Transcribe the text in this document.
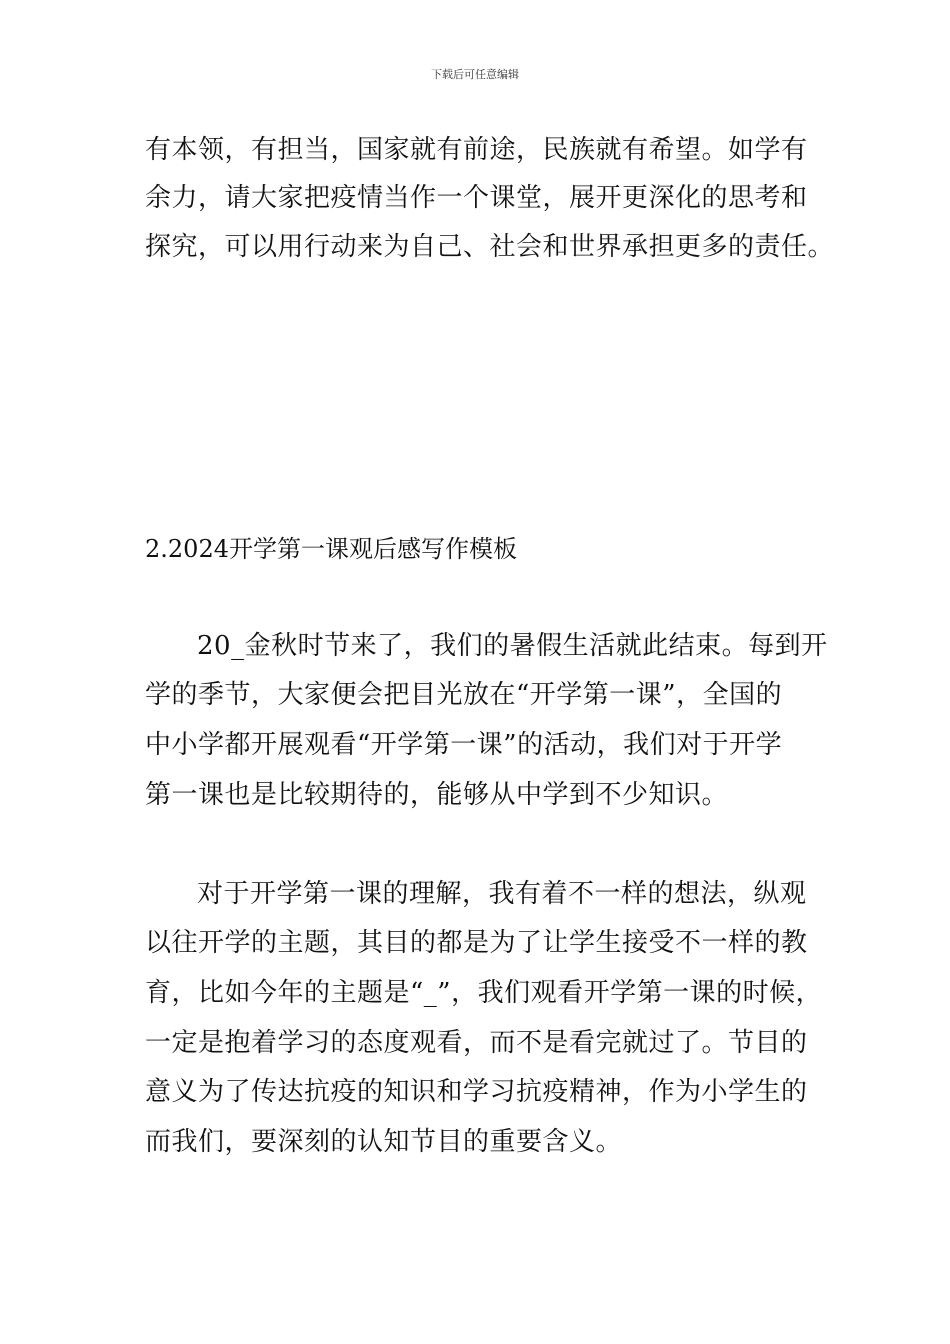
下载后可任意编辑
有本领，有担当，国家就有前途，民族就有希望。如学有
余力，请大家把疫情当作一个课堂，展开更深化的思考和
探究，可以用行动来为自己、社会和世界承担更多的责任。
2.2024开学第一课观后感写作模板
20_金秋时节来了，我们的暑假生活就此结束。每到开
学的季节，大家便会把目光放在“开学第一课”，全国的
中小学都开展观看“开学第一课”的活动，我们对于开学
第一课也是比较期待的，能够从中学到不少知识。
对于开学第一课的理解，我有着不一样的想法，纵观
以往开学的主题，其目的都是为了让学生接受不一样的教
育，比如今年的主题是“_”，我们观看开学第一课的时候，
一定是抱着学习的态度观看，而不是看完就过了。节目的
意义为了传达抗疫的知识和学习抗疫精神，作为小学生的
而我们，要深刻的认知节目的重要含义。
